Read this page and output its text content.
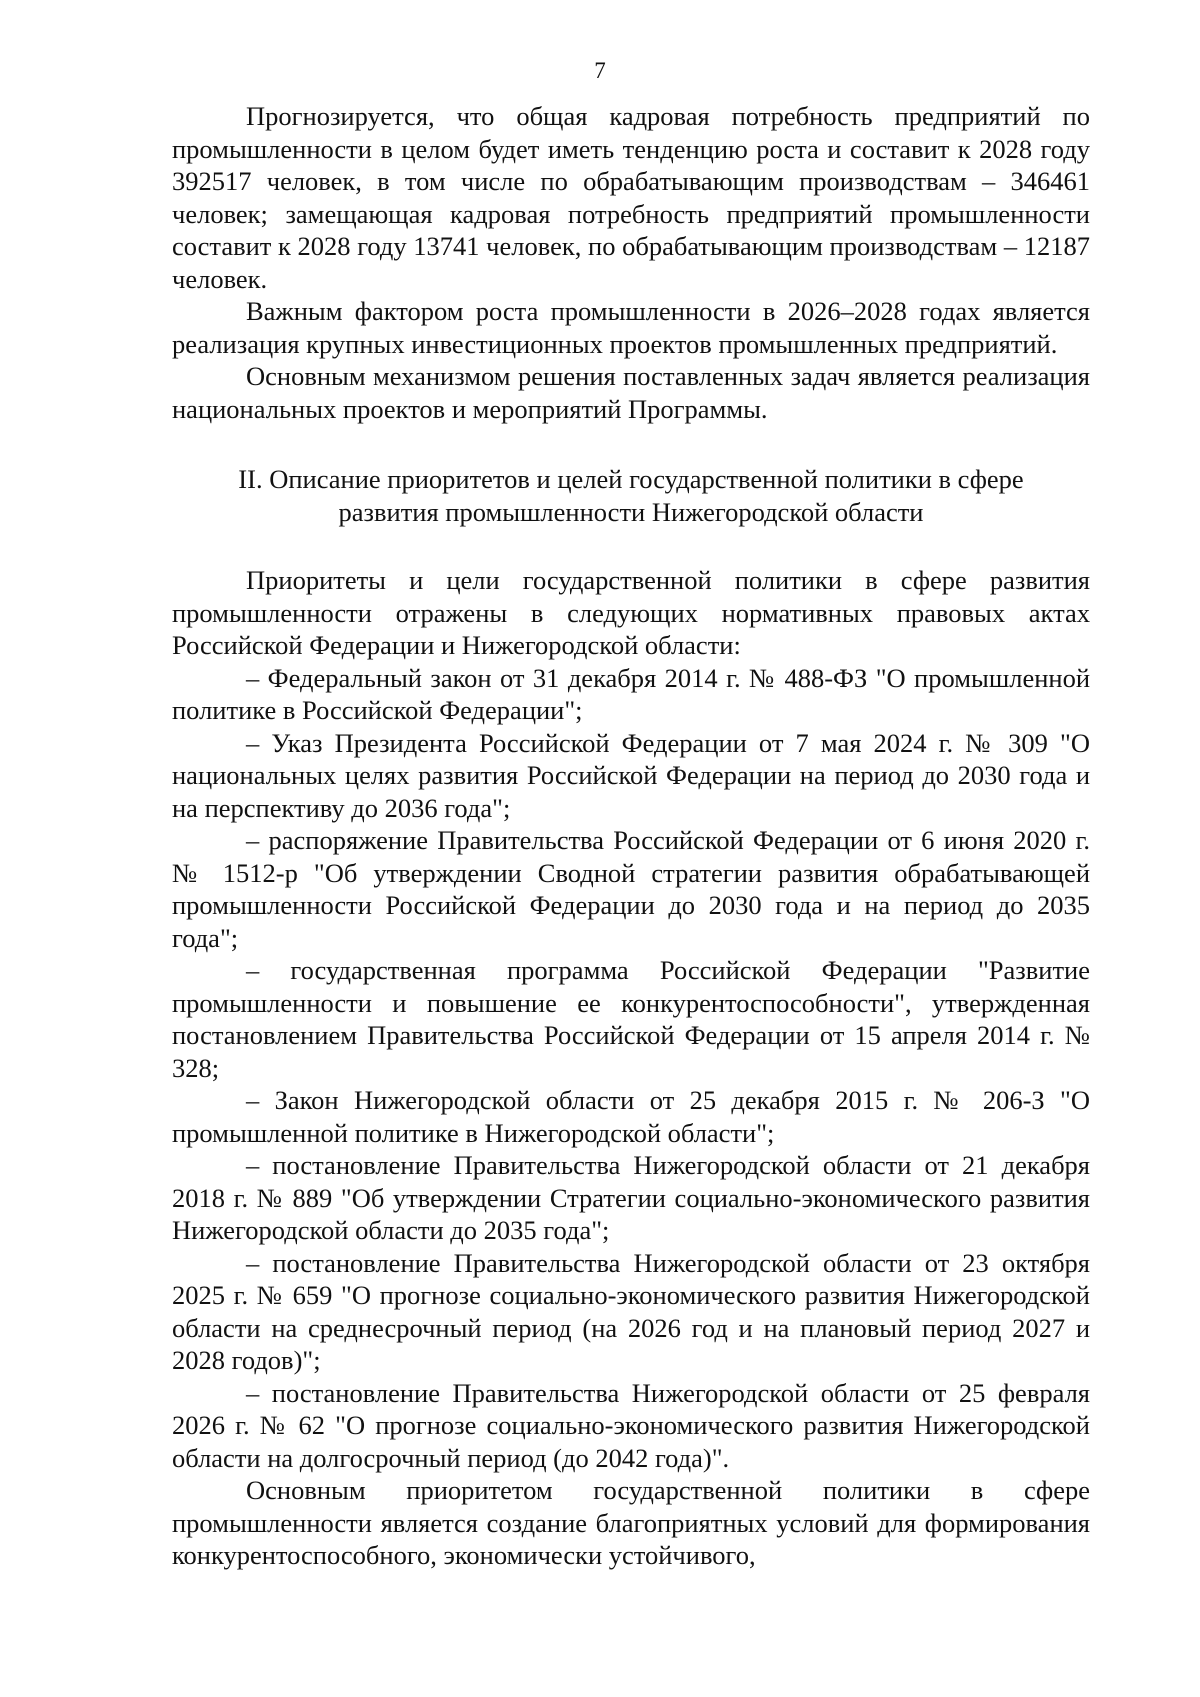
7

Прогнозируется, что общая кадровая потребность предприятий по промышленности в целом будет иметь тенденцию роста и составит к 2028 году 392517 человек, в том числе по обрабатывающим производствам – 346461 человек; замещающая кадровая потребность предприятий промышленности составит к 2028 году 13741 человек, по обрабатывающим производствам – 12187 человек.

Важным фактором роста промышленности в 2026–2028 годах является реализация крупных инвестиционных проектов промышленных предприятий.

Основным механизмом решения поставленных задач является реализация национальных проектов и мероприятий Программы.

II. Описание приоритетов и целей государственной политики в сфере
развития промышленности Нижегородской области

Приоритеты и цели государственной политики в сфере развития промышленности отражены в следующих нормативных правовых актах Российской Федерации и Нижегородской области:

– Федеральный закон от 31 декабря 2014 г. № 488-ФЗ "О промышленной политике в Российской Федерации";

– Указ Президента Российской Федерации от 7 мая 2024 г. № 309 "О национальных целях развития Российской Федерации на период до 2030 года и на перспективу до 2036 года";

– распоряжение Правительства Российской Федерации от 6 июня 2020 г. № 1512-р "Об утверждении Сводной стратегии развития обрабатывающей промышленности Российской Федерации до 2030 года и на период до 2035 года";

– государственная программа Российской Федерации "Развитие промышленности и повышение ее конкурентоспособности", утвержденная постановлением Правительства Российской Федерации от 15 апреля 2014 г. № 328;

– Закон Нижегородской области от 25 декабря 2015 г. № 206-З "О промышленной политике в Нижегородской области";

– постановление Правительства Нижегородской области от 21 декабря 2018 г. № 889 "Об утверждении Стратегии социально-экономического развития Нижегородской области до 2035 года";

– постановление Правительства Нижегородской области от 23 октября 2025 г. № 659 "О прогнозе социально-экономического развития Нижегородской области на среднесрочный период (на 2026 год и на плановый период 2027 и 2028 годов)";

– постановление Правительства Нижегородской области от 25 февраля 2026 г. № 62 "О прогнозе социально-экономического развития Нижегородской области на долгосрочный период (до 2042 года)".

Основным приоритетом государственной политики в сфере промышленности является создание благоприятных условий для формирования конкурентоспособного, экономически устойчивого,
